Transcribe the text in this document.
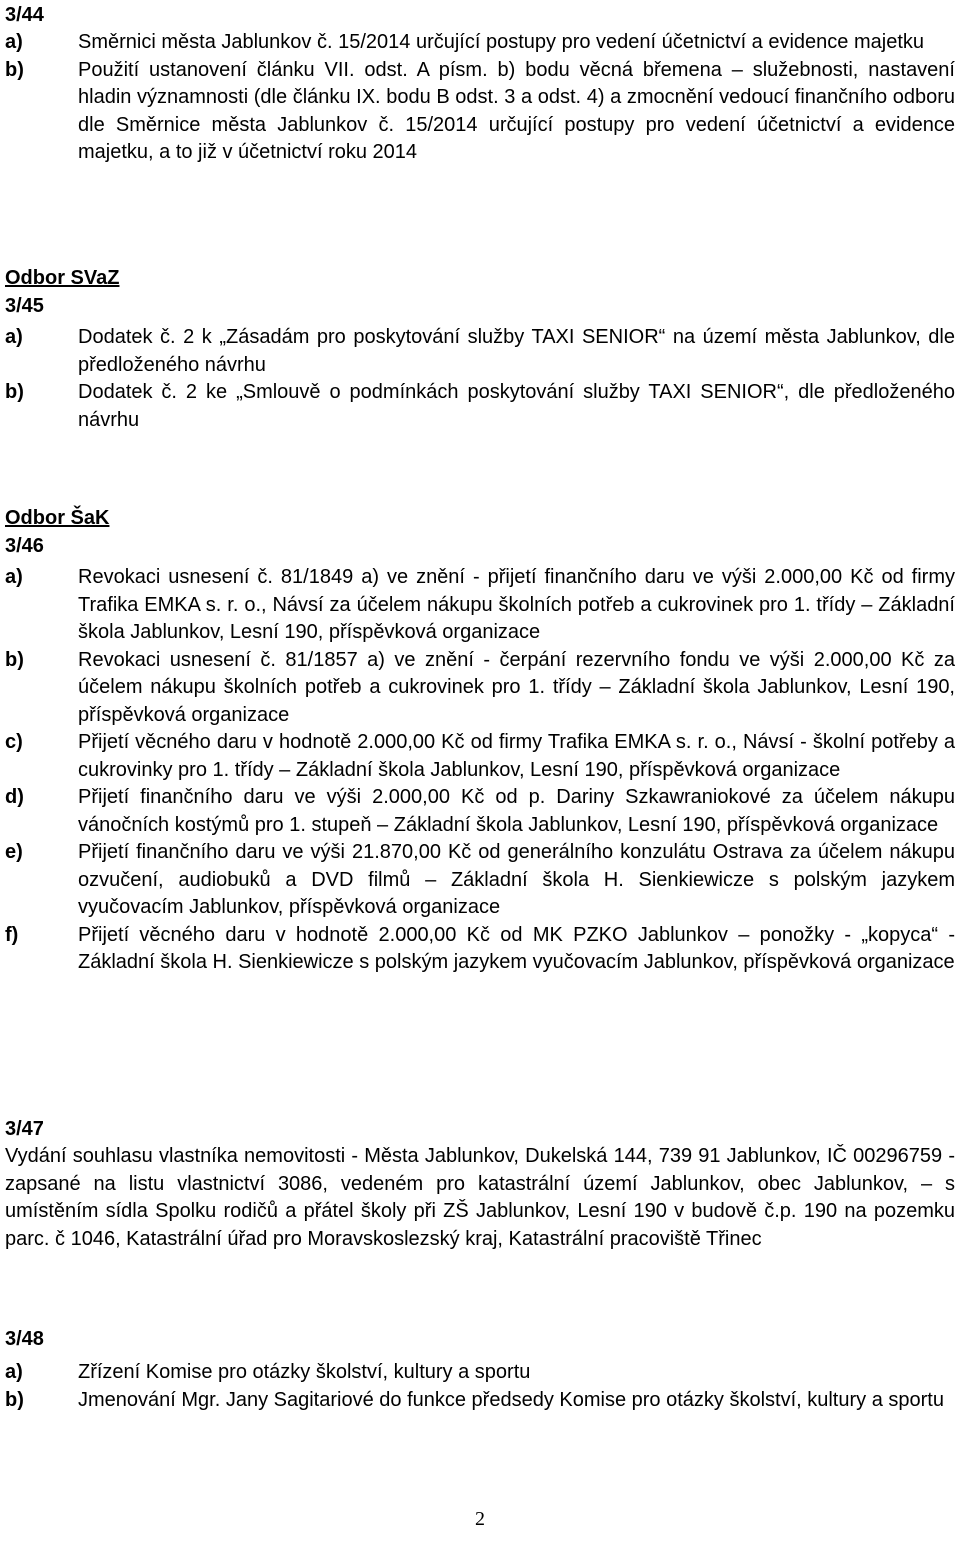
3/44
a)	Směrnici města Jablunkov č. 15/2014 určující postupy pro vedení účetnictví a evidence majetku
b)	Použití ustanovení článku VII. odst. A písm. b) bodu věcná břemena – služebnosti, nastavení hladin významnosti (dle článku IX. bodu B odst. 3 a odst. 4) a zmocnění vedoucí finančního odboru dle Směrnice města Jablunkov č. 15/2014 určující postupy pro vedení účetnictví a evidence majetku, a to již v účetnictví roku 2014
Odbor SVaZ
3/45
a)	Dodatek č. 2 k „Zásadám pro poskytování služby TAXI SENIOR“ na území města Jablunkov, dle předloženého návrhu
b)	Dodatek č. 2 ke „Smlouvě o podmínkách poskytování služby TAXI SENIOR“, dle předloženého návrhu
Odbor ŠaK
3/46
a)	Revokaci usnesení č. 81/1849 a) ve znění - přijetí finančního daru ve výši 2.000,00 Kč od firmy Trafika EMKA s. r. o., Návsí za účelem nákupu školních potřeb a cukrovinek pro 1. třídy – Základní škola Jablunkov, Lesní 190, příspěvková organizace
b)	Revokaci usnesení č. 81/1857 a) ve znění - čerpání rezervního fondu ve výši 2.000,00 Kč za účelem nákupu školních potřeb a cukrovinek pro 1. třídy – Základní škola Jablunkov, Lesní 190, příspěvková organizace
c)	Přijetí věcného daru v hodnotě 2.000,00 Kč od firmy Trafika EMKA s. r. o., Návsí - školní potřeby a cukrovinky pro 1. třídy – Základní škola Jablunkov, Lesní 190, příspěvková organizace
d)	Přijetí finančního daru ve výši 2.000,00 Kč od p. Dariny Szkawraniokové za účelem nákupu vánočních kostýmů pro 1. stupeň – Základní škola Jablunkov, Lesní 190, příspěvková organizace
e)	Přijetí finančního daru ve výši 21.870,00 Kč od generálního konzulátu Ostrava za účelem nákupu ozvučení, audiobuků a DVD filmů – Základní škola H. Sienkiewicze s polským jazykem vyučovacím Jablunkov, příspěvková organizace
f)	Přijetí věcného daru v hodnotě 2.000,00 Kč od MK PZKO Jablunkov – ponožky - „kopyca“ - Základní škola H. Sienkiewicze s polským jazykem vyučovacím Jablunkov, příspěvková organizace
3/47
Vydání souhlasu vlastníka nemovitosti - Města Jablunkov, Dukelská 144, 739 91 Jablunkov, IČ 00296759 - zapsané na listu vlastnictví 3086, vedeném pro katastrální území Jablunkov, obec Jablunkov, – s umístěním sídla Spolku rodičů a přátel školy při ZŠ Jablunkov, Lesní 190 v budově č.p. 190 na pozemku parc. č 1046, Katastrální úřad pro Moravskoslezský kraj, Katastrální pracoviště Třinec
3/48
a)	Zřízení Komise pro otázky školství, kultury a sportu
b)	Jmenování Mgr. Jany Sagitariové do funkce předsedy Komise pro otázky školství, kultury a sportu
2
